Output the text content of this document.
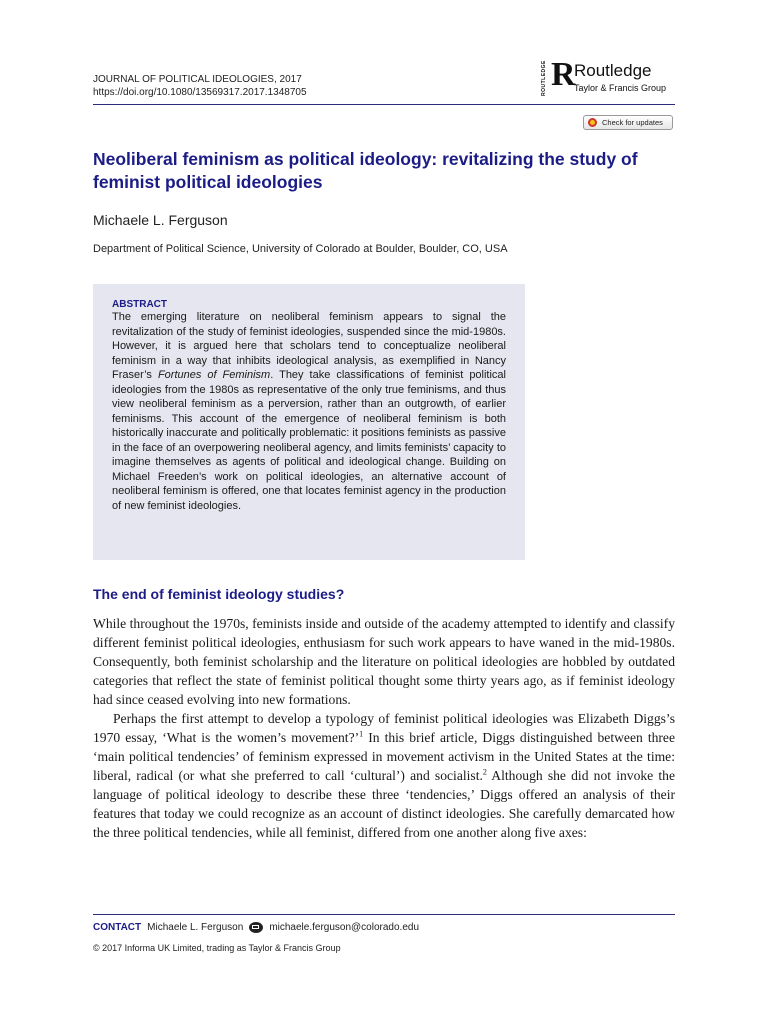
JOURNAL OF POLITICAL IDEOLOGIES, 2017
https://doi.org/10.1080/13569317.2017.1348705	ROUTLEDGE R
Routledge
Taylor & Francis Group
Check for updates
Neoliberal feminism as political ideology: revitalizing the study of feminist political ideologies
Michaele L. Ferguson
Department of Political Science, University of Colorado at Boulder, Boulder, CO, USA
ABSTRACT
The emerging literature on neoliberal feminism appears to signal the revitalization of the study of feminist ideologies, suspended since the mid-1980s. However, it is argued here that scholars tend to conceptualize neoliberal feminism in a way that inhibits ideological analysis, as exemplified in Nancy Fraser’s Fortunes of Feminism. They take classifications of feminist political ideologies from the 1980s as representative of the only true feminisms, and thus view neoliberal feminism as a perversion, rather than an outgrowth, of earlier feminisms. This account of the emergence of neoliberal feminism is both historically inaccurate and politically problematic: it positions feminists as passive in the face of an overpowering neoliberal agency, and limits feminists’ capacity to imagine themselves as agents of political and ideological change. Building on Michael Freeden’s work on political ideologies, an alternative account of neoliberal feminism is offered, one that locates feminist agency in the production of new feminist ideologies.
The end of feminist ideology studies?

While throughout the 1970s, feminists inside and outside of the academy attempted to identify and classify different feminist political ideologies, enthusiasm for such work appears to have waned in the mid-1980s. Consequently, both feminist scholarship and the literature on political ideologies are hobbled by outdated categories that reflect the state of feminist political thought some thirty years ago, as if feminist ideology had since ceased evolving into new formations.

Perhaps the first attempt to develop a typology of feminist political ideologies was Elizabeth Diggs’s 1970 essay, ‘What is the women’s movement?’$^1$ In this brief article, Diggs distinguished between three ‘main political tendencies’ of feminism expressed in movement activism in the United States at the time: liberal, radical (or what she preferred to call ‘cultural’) and socialist.$^2$ Although she did not invoke the language of political ideology to describe these three ‘tendencies,’ Diggs offered an analysis of their features that today we could recognize as an account of distinct ideologies. She carefully demarcated how the three political tendencies, while all feminist, differed from one another along five axes:

CONTACT Michaele L. Ferguson	michaele.ferguson@colorado.edu
© 2017 Informa UK Limited, trading as Taylor & Francis Group
